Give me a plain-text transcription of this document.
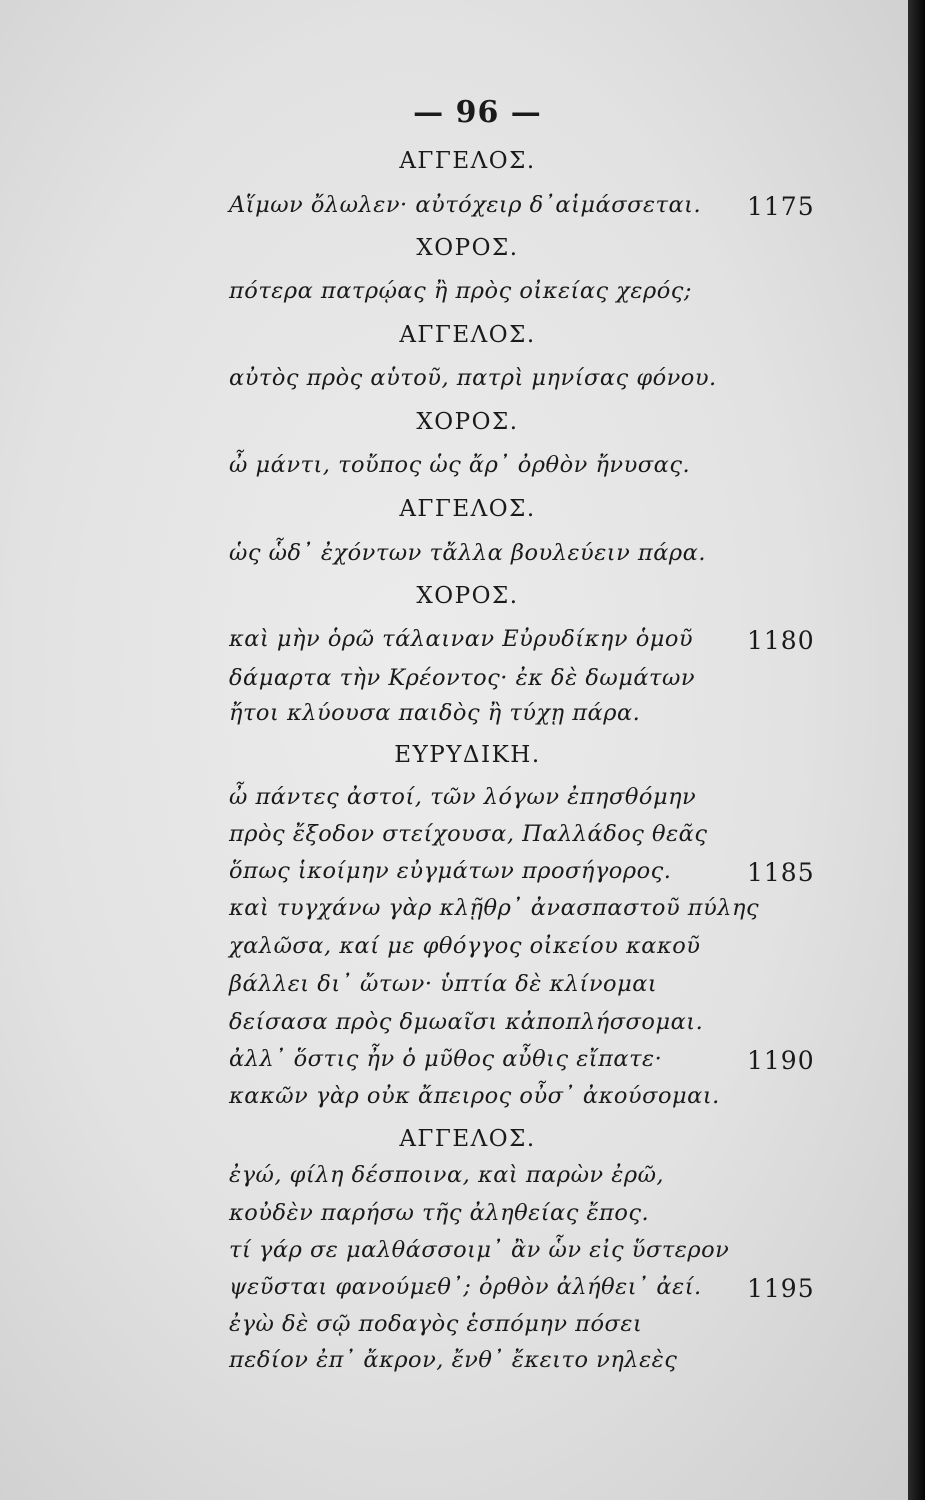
— 96 —
ΑΓΓΕΛΟΣ.
Αἵμων ὄλωλεν· αὐτόχειρ δ᾽αἱμάσσεται. 1175
ΧΟΡΟΣ.
πότερα πατρῴας ἢ πρὸς οἰκείας χερός;
ΑΓΓΕΛΟΣ.
αὐτὸς πρὸς αὑτοῦ, πατρὶ μηνίσας φόνου.
ΧΟΡΟΣ.
ὦ μάντι, τοὔπος ὡς ἄρ᾽ ὀρθὸν ἤνυσας.
ΑΓΓΕΛΟΣ.
ὡς ὧδ᾽ ἐχόντων τἄλλα βουλεύειν πάρα.
ΧΟΡΟΣ.
καὶ μὴν ὁρῶ τάλαιναν Εὐρυδίκην ὁμοῦ 1180
δάμαρτα τὴν Κρέοντος· ἐκ δὲ δωμάτων
ἤτοι κλύουσα παιδὸς ἢ τύχῃ πάρα.
ΕΥΡΥΔΙΚΗ.
ὦ πάντες ἀστοί, τῶν λόγων ἐπησθόμην
πρὸς ἔξοδον στείχουσα, Παλλάδος θεᾶς
ὅπως ἱκοίμην εὐγμάτων προσήγορος.	1185
καὶ τυγχάνω γὰρ κλῇθρ᾽ ἀνασπαστοῦ πύλης
χαλῶσα, καί με φθόγγος οἰκείου κακοῦ
βάλλει δι᾽ ὤτων· ὑπτία δὲ κλίνομαι
δείσασα πρὸς δμωαῖσι κἀποπλήσσομαι.
ἀλλ᾽ ὅστις ἦν ὁ μῦθος αὖθις εἴπατε·	1190
κακῶν γὰρ οὐκ ἄπειρος οὖσ᾽ ἀκούσομαι.
ΑΓΓΕΛΟΣ.
ἐγώ, φίλη δέσποινα, καὶ παρὼν ἐρῶ,
κοὐδὲν παρήσω τῆς ἀληθείας ἔπος.
τί γάρ σε μαλθάσσοιμ᾽ ἂν ὧν εἰς ὕστερον
ψεῦσται φανούμεθ᾽; ὀρθὸν ἀλήθει᾽ ἀεί. 1195
ἐγὼ δὲ σῷ ποδαγὸς ἑσπόμην πόσει
πεδίον ἐπ᾽ ἄκρον, ἔνθ᾽ ἔκειτο νηλεὲς
